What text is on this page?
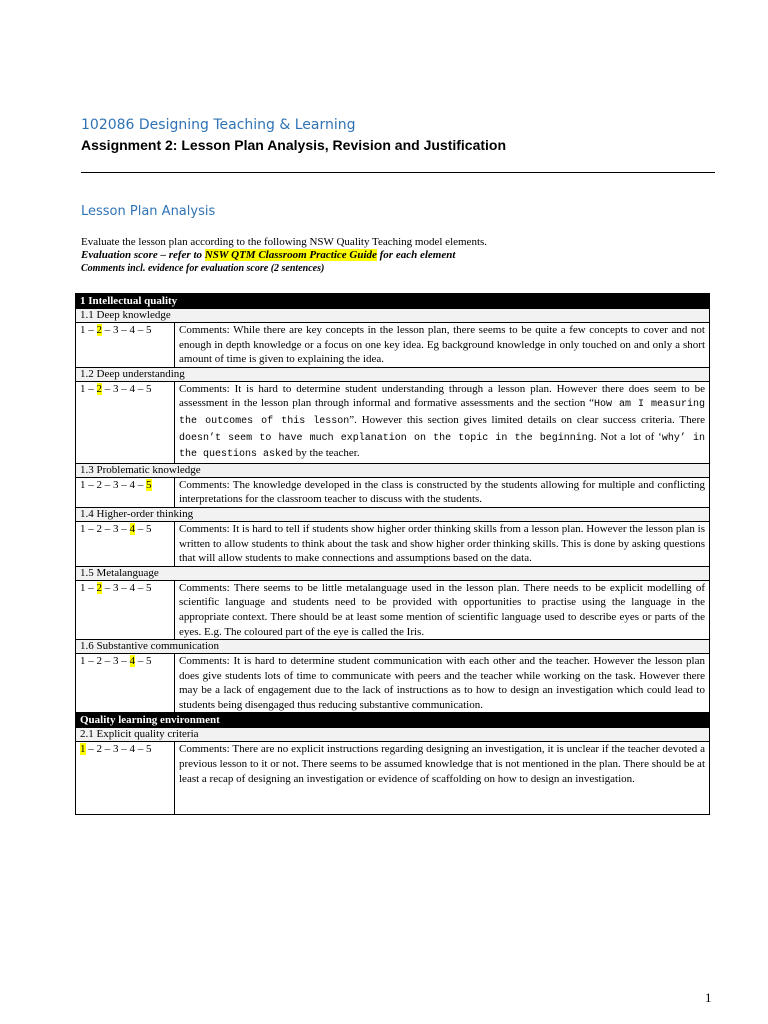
102086 Designing Teaching & Learning
Assignment 2: Lesson Plan Analysis, Revision and Justification
Lesson Plan Analysis
Evaluate the lesson plan according to the following NSW Quality Teaching model elements.
Evaluation score – refer to NSW QTM Classroom Practice Guide for each element
Comments incl. evidence for evaluation score (2 sentences)
1 Intellectual quality	
1.1 Deep knowledge	
1 – 2 – 3 – 4 – 5	Comments: While there are key concepts in the lesson plan, there seems to be quite a few concepts to cover and not enough in depth knowledge or a focus on one key idea. Eg background knowledge in only touched on and only a short amount of time is given to explaining the idea.
1.2 Deep understanding	
1 – 2 – 3 – 4 – 5	Comments: It is hard to determine student understanding through a lesson plan. However there does seem to be assessment in the lesson plan through informal and formative assessments and the section “How am I measuring the outcomes of this lesson”. However this section gives limited details on clear success criteria. There doesn’t seem to have much explanation on the topic in the beginning. Not a lot of ‘why’ in the questions asked by the teacher.
1.3 Problematic knowledge	
1 – 2 – 3 – 4 – 5	Comments: The knowledge developed in the class is constructed by the students allowing for multiple and conflicting interpretations for the classroom teacher to discuss with the students.
1.4 Higher-order thinking	
1 – 2 – 3 – 4 – 5	Comments: It is hard to tell if students show higher order thinking skills from a lesson plan. However the lesson plan is written to allow students to think about the task and show higher order thinking skills. This is done by asking questions that will allow students to make connections and assumptions based on the data.
1.5 Metalanguage	
1 – 2 – 3 – 4 – 5	Comments: There seems to be little metalanguage used in the lesson plan. There needs to be explicit modelling of scientific language and students need to be provided with opportunities to practise using the language in the appropriate context. There should be at least some mention of scientific language used to describe eyes or parts of the eyes. E.g. The coloured part of the eye is called the Iris.
1.6 Substantive communication	
1 – 2 – 3 – 4 – 5	Comments: It is hard to determine student communication with each other and the teacher. However the lesson plan does give students lots of time to communicate with peers and the teacher while working on the task. However there may be a lack of engagement due to the lack of instructions as to how to design an investigation which could lead to students being disengaged thus reducing substantive communication.
Quality learning environment	
2.1 Explicit quality criteria	
1 – 2 – 3 – 4 – 5	Comments: There are no explicit instructions regarding designing an investigation, it is unclear if the teacher devoted a previous lesson to it or not. There seems to be assumed knowledge that is not mentioned in the plan. There should be at least a recap of designing an investigation or evidence of scaffolding on how to design an investigation.
1
